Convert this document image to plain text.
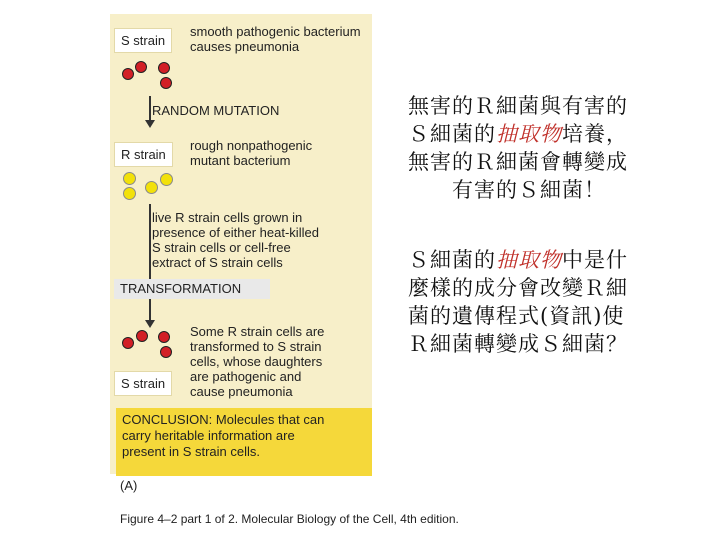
S strain
smooth pathogenic bacterium
causes pneumonia
RANDOM MUTATION
R strain
rough nonpathogenic
mutant bacterium
live R strain cells grown in
presence of either heat-killed
S strain cells or cell-free
extract of S strain cells
TRANSFORMATION
S strain
Some R strain cells are
transformed to S strain
cells, whose daughters
are pathogenic and
cause pneumonia
CONCLUSION: Molecules that can
carry heritable information are
present in S strain cells.
(A)
Figure 4–2 part 1 of 2. Molecular Biology of the Cell, 4th edition.
無害的Ｒ細菌與有害的
Ｓ細菌的抽取物培養，
無害的Ｒ細菌會轉變成
有害的Ｓ細菌！
Ｓ細菌的抽取物中是什
麼樣的成分會改變Ｒ細
菌的遺傳程式(資訊)使
Ｒ細菌轉變成Ｓ細菌？
